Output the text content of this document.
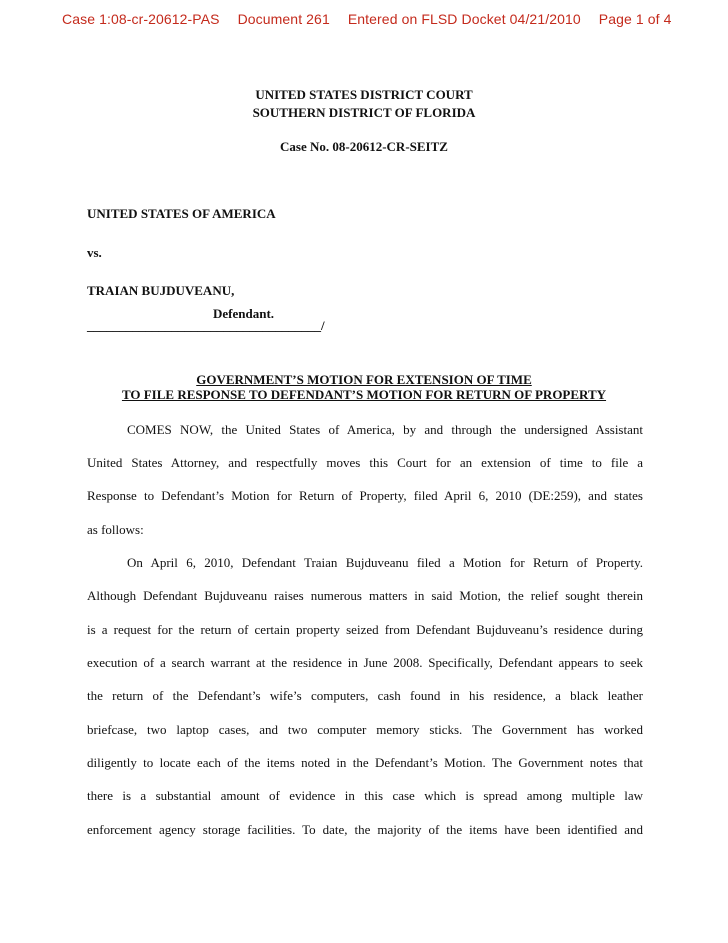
Case 1:08-cr-20612-PAS Document 261 Entered on FLSD Docket 04/21/2010 Page 1 of 4
UNITED STATES DISTRICT COURT
SOUTHERN DISTRICT OF FLORIDA
Case No. 08-20612-CR-SEITZ
UNITED STATES OF AMERICA
vs.
TRAIAN BUJDUVEANU,
Defendant.
____________________________________/
GOVERNMENT’S MOTION FOR EXTENSION OF TIME
TO FILE RESPONSE TO DEFENDANT’S MOTION FOR RETURN OF PROPERTY
COMES NOW, the United States of America, by and through the undersigned Assistant
United States Attorney, and respectfully moves this Court for an extension of time to file a
Response to Defendant’s Motion for Return of Property, filed April 6, 2010 (DE:259), and states
as follows:
On April 6, 2010, Defendant Traian Bujduveanu filed a Motion for Return of Property.
Although Defendant Bujduveanu raises numerous matters in said Motion, the relief sought therein
is a request for the return of certain property seized from Defendant Bujduveanu’s residence during
execution of a search warrant at the residence in June 2008. Specifically, Defendant appears to seek
the return of the Defendant’s wife’s computers, cash found in his residence, a black leather
briefcase, two laptop cases, and two computer memory sticks. The Government has worked
diligently to locate each of the items noted in the Defendant’s Motion. The Government notes that
there is a substantial amount of evidence in this case which is spread among multiple law
enforcement agency storage facilities. To date, the majority of the items have been identified and
